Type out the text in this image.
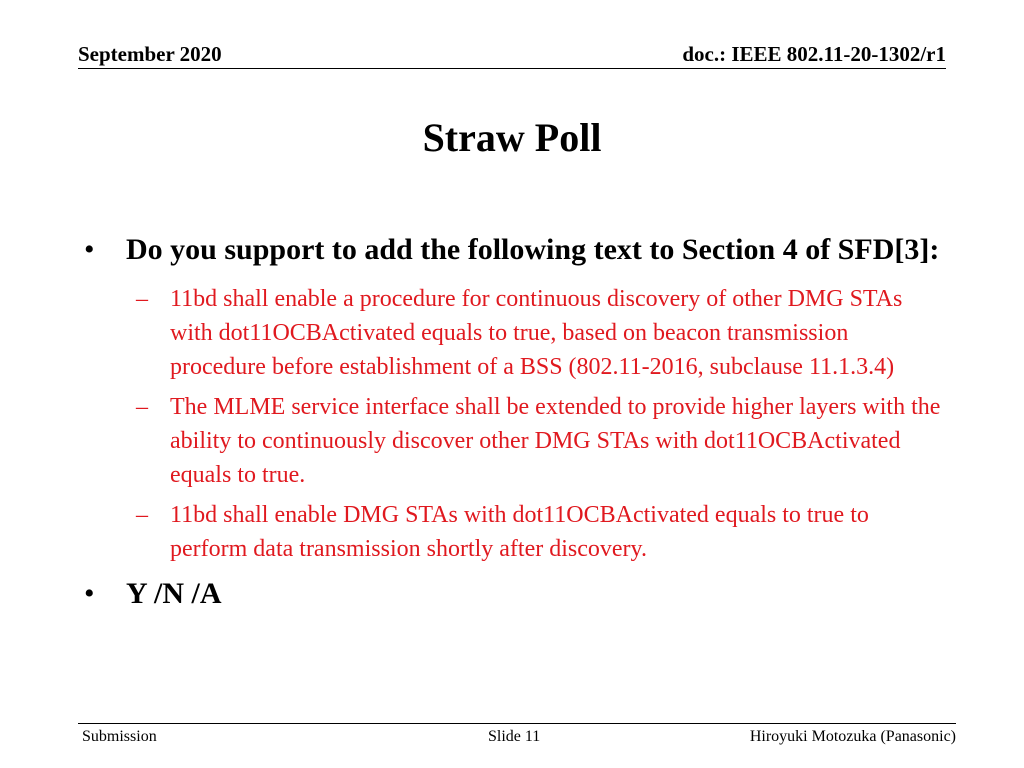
September 2020	doc.: IEEE 802.11-20-1302/r1
Straw Poll
• Do you support to add the following text to Section 4 of SFD[3]:
– 11bd shall enable a procedure for continuous discovery of other DMG STAs with dot11OCBActivated equals to true, based on beacon transmission procedure before establishment of a BSS (802.11-2016, subclause 11.1.3.4)
– The MLME service interface shall be extended to provide higher layers with the ability to continuously discover other DMG STAs with dot11OCBActivated equals to true.
– 11bd shall enable DMG STAs with dot11OCBActivated equals to true to perform data transmission shortly after discovery.
• Y /N /A
Submission	Slide 11	Hiroyuki Motozuka (Panasonic)
